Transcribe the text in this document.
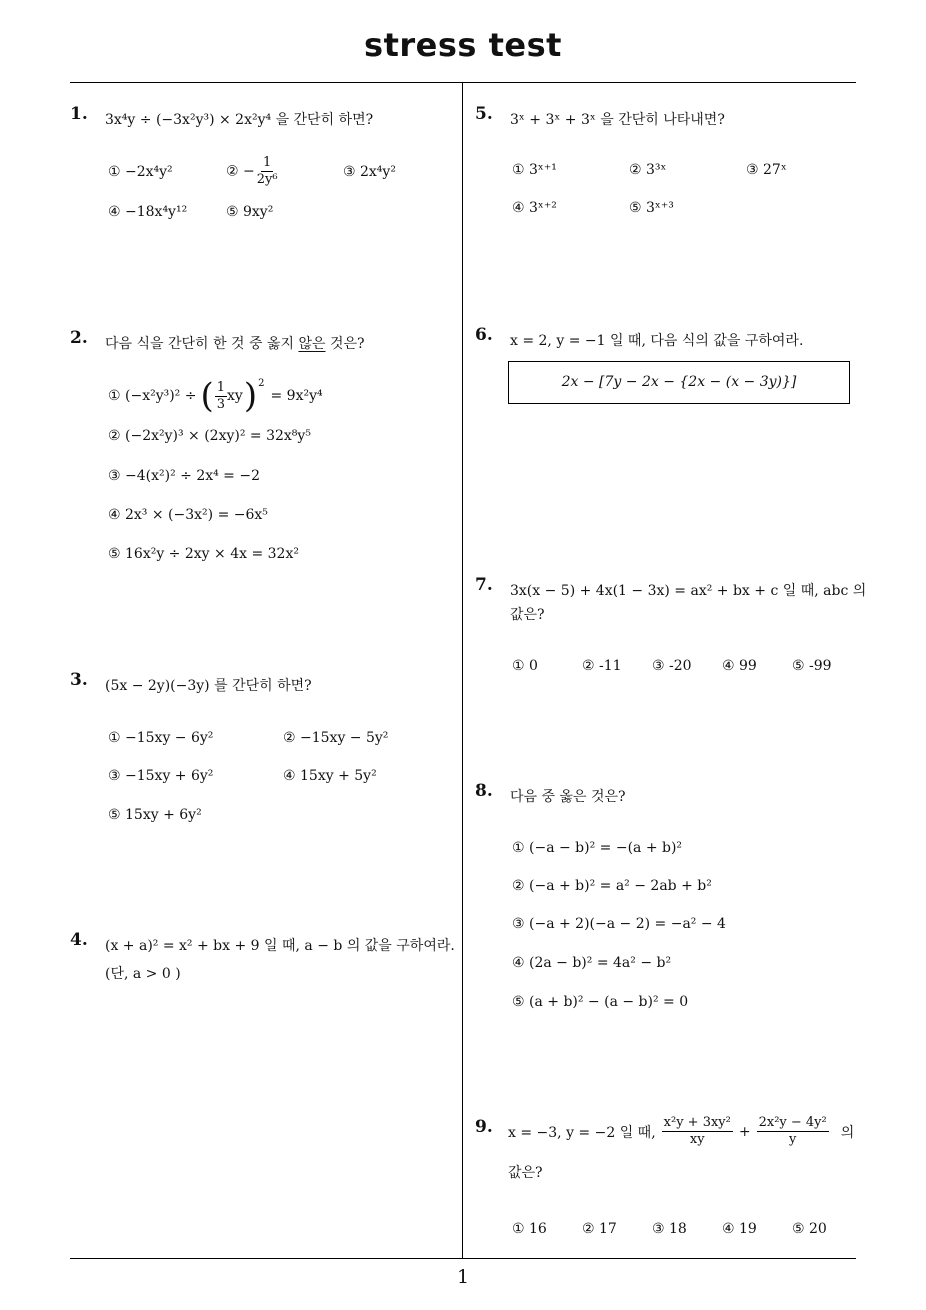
stress test
1
1. 3x⁴y ÷ (−3x²y³) × 2x²y⁴ 을 간단히 하면?
① −2x⁴y²	② − $\frac{1}{\text{2y⁶}}$	③ 2x⁴y²
④ −18x⁴y¹²	⑤ 9xy²
2. 다음 식을 간단히 한 것 중 옳지 않은 것은?
① (−x²y³)² ÷ ( $\frac{1}{3}$ xy ) 2
= 9x²y⁴
② (−2x²y)³ × (2xy)² = 32x⁸y⁵
③ −4(x²)² ÷ 2x⁴ = −2
④ 2x³ × (−3x²) = −6x⁵
⑤ 16x²y ÷ 2xy × 4x = 32x²
3. (5x − 2y)(−3y) 를 간단히 하면?
① −15xy − 6y²	② −15xy − 5y²
③ −15xy + 6y²	④ 15xy + 5y²
⑤ 15xy + 6y²
4. (x + a)² = x² + bx + 9 일 때, a − b 의 값을 구하여라.
(단, a > 0 )
5. 3ˣ + 3ˣ + 3ˣ 을 간단히 나타내면?
① 3ˣ⁺¹	② 3³ˣ	③ 27ˣ
④ 3ˣ⁺²	⑤ 3ˣ⁺³
6. x = 2, y = −1 일 때, 다음 식의 값을 구하여라.
2x − [7y − 2x − {2x − (x − 3y)}]
7. 3x(x − 5) + 4x(1 − 3x) = ax² + bx + c 일 때, abc 의
값은?
① 0	② -11 ③ -20 ④ 99	⑤ -99
8. 다음 중 옳은 것은?
① (−a − b)² = −(a + b)²
② (−a + b)² = a² − 2ab + b²
③ (−a + 2)(−a − 2) = −a² − 4
④ (2a − b)² = 4a² − b²
⑤ (a + b)² − (a − b)² = 0
9. x = −3, y = −2 일 때, $\frac{\text{x²y + 3xy²}}{xy} + \frac{\text{2x²y − 4y²}}{y}$ 의
값은?
① 16	② 17	③ 18	④ 19	⑤ 20
